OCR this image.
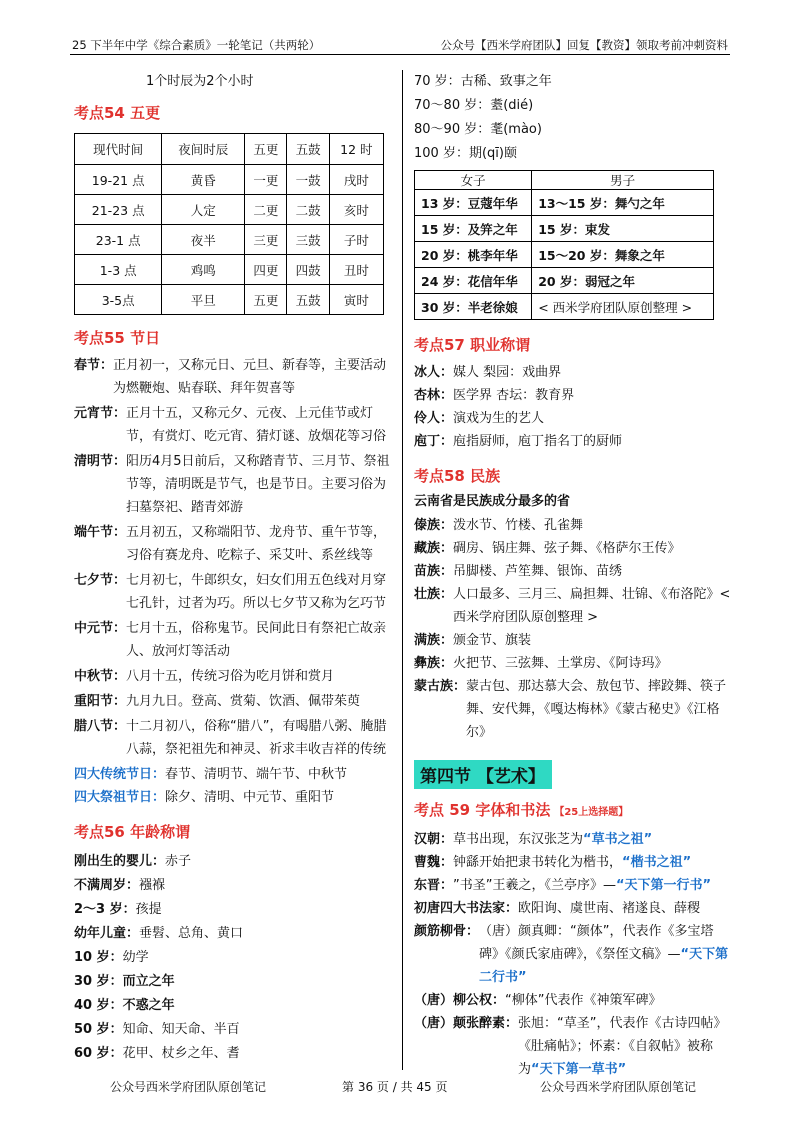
25 下半年中学《综合素质》一轮笔记（共两轮）	公众号【西米学府团队】回复【教资】领取考前冲刺资料

1个时辰为2个小时

考点54 五更

现代时间	夜间时辰	五更	五鼓	12 时
19-21 点	黄昏	一更	一鼓	戌时
21-23 点	人定	二更	二鼓	亥时
23-1 点	夜半	三更	三鼓	子时
1-3 点	鸡鸣	四更	四鼓	丑时
3-5点	平旦	五更	五鼓	寅时

考点55 节日

春节： 正月初一，又称元日、元旦、新春等，主要活动为燃鞭炮、贴春联、拜年贺喜等
元宵节： 正月十五，又称元夕、元夜、上元佳节或灯节，有赏灯、吃元宵、猜灯谜、放烟花等习俗
清明节： 阳历4月5日前后，又称踏青节、三月节、祭祖节等，清明既是节气，也是节日。主要习俗为扫墓祭祀、踏青郊游
端午节： 五月初五，又称端阳节、龙舟节、重午节等，习俗有赛龙舟、吃粽子、采艾叶、系丝线等
七夕节： 七月初七，牛郎织女，妇女们用五色线对月穿七孔针，过者为巧。所以七夕节又称为乞巧节
中元节： 七月十五，俗称鬼节。民间此日有祭祀亡故亲人、放河灯等活动
中秋节： 八月十五，传统习俗为吃月饼和赏月
重阳节： 九月九日。登高、赏菊、饮酒、佩带茱萸
腊八节： 十二月初八，俗称“腊八”，有喝腊八粥、腌腊八蒜，祭祀祖先和神灵、祈求丰收吉祥的传统
四大传统节日： 春节、清明节、端午节、中秋节
四大祭祖节日： 除夕、清明、中元节、重阳节

考点56 年龄称谓

刚出生的婴儿： 赤子
不满周岁： 襁褓
2～3 岁： 孩提
幼年儿童： 垂髫、总角、黄口
10 岁： 幼学
30 岁： 而立之年
40 岁： 不惑之年
50 岁： 知命、知天命、半百
60 岁： 花甲、杖乡之年、耆
70 岁： 古稀、致事之年
70～80 岁： 耋(dié)
80～90 岁： 耄(mào)
100 岁： 期(qī)颐
女子	男子
13 岁：豆蔻年华	13～15 岁：舞勺之年
15 岁：及笄之年	15 岁：束发
20 岁：桃李年华	15～20 岁：舞象之年
24 岁：花信年华	20 岁：弱冠之年
30 岁：半老徐娘	< 西米学府团队原创整理 >

考点57 职业称谓

冰人： 媒人 梨园：戏曲界
杏林： 医学界 杏坛：教育界
伶人： 演戏为生的艺人
庖丁： 庖指厨师，庖丁指名丁的厨师

考点58 民族

云南省是民族成分最多的省

傣族： 泼水节、竹楼、孔雀舞
藏族： 碉房、锅庄舞、弦子舞、《格萨尔王传》
苗族： 吊脚楼、芦笙舞、银饰、苗绣
壮族： 人口最多、三月三、扁担舞、壮锦、《布洛陀》< 西米学府团队原创整理 >
满族： 颁金节、旗装
彝族： 火把节、三弦舞、土掌房、《阿诗玛》
蒙古族： 蒙古包、那达慕大会、敖包节、摔跤舞、筷子舞、安代舞，《嘎达梅林》《蒙古秘史》《江格尔》
第四节 【艺术】

考点 59 字体和书法 【25上选择题】

汉朝： 草书出现，东汉张芝为“草书之祖”
曹魏： 钟繇开始把隶书转化为楷书，“楷书之祖”
东晋： ”书圣”王羲之，《兰亭序》—“天下第一行书”
初唐四大书法家： 欧阳询、虞世南、褚遂良、薛稷
颜筋柳骨： （唐）颜真卿：“颜体”，代表作《多宝塔碑》《颜氏家庙碑》，《祭侄文稿》—“天下第二行书”
（唐）柳公权： “柳体”代表作《神策军碑》
（唐）颠张醉素： 张旭：“草圣”，代表作《古诗四帖》《肚痛帖》；怀素：《自叙帖》被称为“天下第一草书”
公众号西米学府团队原创笔记	第 36 页 / 共 45 页	公众号西米学府团队原创笔记
